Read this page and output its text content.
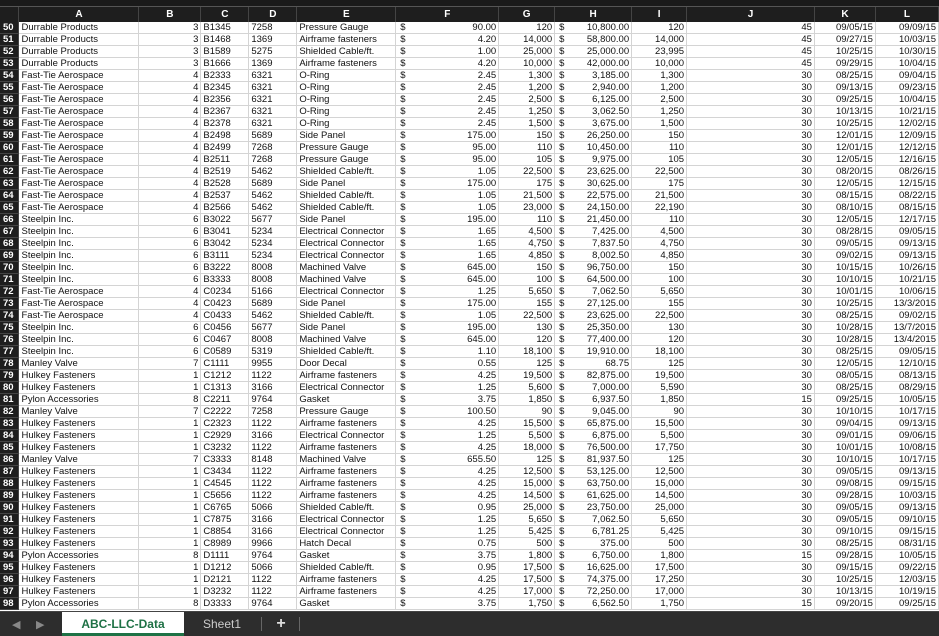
	A	B	C	D	E	F	G	H	I	J	K	L
50	Durrable Products	3	B1345	7258	Pressure Gauge	$ 90.00	120	$ 10,800.00	120	45	09/05/15	09/09/15
51	Durrable Products	3	B1468	1369	Airframe fasteners	$ 4.20	14,000	$ 58,800.00	14,000	45	09/27/15	10/03/15
52	Durrable Products	3	B1589	5275	Shielded Cable/ft.	$ 1.00	25,000	$ 25,000.00	23,995	45	10/25/15	10/30/15
53	Durrable Products	3	B1666	1369	Airframe fasteners	$ 4.20	10,000	$ 42,000.00	10,000	45	09/29/15	10/04/15
54	Fast-Tie Aerospace	4	B2333	6321	O-Ring	$ 2.45	1,300	$ 3,185.00	1,300	30	08/25/15	09/04/15
55	Fast-Tie Aerospace	4	B2345	6321	O-Ring	$ 2.45	1,200	$ 2,940.00	1,200	30	09/13/15	09/23/15
56	Fast-Tie Aerospace	4	B2356	6321	O-Ring	$ 2.45	2,500	$ 6,125.00	2,500	30	09/25/15	10/04/15
57	Fast-Tie Aerospace	4	B2367	6321	O-Ring	$ 2.45	1,250	$ 3,062.50	1,250	30	10/13/15	10/21/15
58	Fast-Tie Aerospace	4	B2378	6321	O-Ring	$ 2.45	1,500	$ 3,675.00	1,500	30	10/25/15	12/02/15
59	Fast-Tie Aerospace	4	B2498	5689	Side Panel	$ 175.00	150	$ 26,250.00	150	30	12/01/15	12/09/15
60	Fast-Tie Aerospace	4	B2499	7268	Pressure Gauge	$ 95.00	110	$ 10,450.00	110	30	12/01/15	12/12/15
61	Fast-Tie Aerospace	4	B2511	7268	Pressure Gauge	$ 95.00	105	$ 9,975.00	105	30	12/05/15	12/16/15
62	Fast-Tie Aerospace	4	B2519	5462	Shielded Cable/ft.	$ 1.05	22,500	$ 23,625.00	22,500	30	08/20/15	08/26/15
63	Fast-Tie Aerospace	4	B2528	5689	Side Panel	$ 175.00	175	$ 30,625.00	175	30	12/05/15	12/15/15
64	Fast-Tie Aerospace	4	B2537	5462	Shielded Cable/ft.	$ 1.05	21,500	$ 22,575.00	21,500	30	08/15/15	08/22/15
65	Fast-Tie Aerospace	4	B2566	5462	Shielded Cable/ft.	$ 1.05	23,000	$ 24,150.00	22,190	30	08/10/15	08/15/15
66	Steelpin Inc.	6	B3022	5677	Side Panel	$ 195.00	110	$ 21,450.00	110	30	12/05/15	12/17/15
67	Steelpin Inc.	6	B3041	5234	Electrical Connector	$ 1.65	4,500	$ 7,425.00	4,500	30	08/28/15	09/05/15
68	Steelpin Inc.	6	B3042	5234	Electrical Connector	$ 1.65	4,750	$ 7,837.50	4,750	30	09/05/15	09/13/15
69	Steelpin Inc.	6	B3111	5234	Electrical Connector	$ 1.65	4,850	$ 8,002.50	4,850	30	09/02/15	09/13/15
70	Steelpin Inc.	6	B3222	8008	Machined Valve	$ 645.00	150	$ 96,750.00	150	30	10/15/15	10/26/15
71	Steelpin Inc.	6	B3333	8008	Machined Valve	$ 645.00	100	$ 64,500.00	100	30	10/10/15	10/21/15
72	Fast-Tie Aerospace	4	C0234	5166	Electrical Connector	$ 1.25	5,650	$ 7,062.50	5,650	30	10/01/15	10/06/15
73	Fast-Tie Aerospace	4	C0423	5689	Side Panel	$ 175.00	155	$ 27,125.00	155	30	10/25/15	13/3/2015
74	Fast-Tie Aerospace	4	C0433	5462	Shielded Cable/ft.	$ 1.05	22,500	$ 23,625.00	22,500	30	08/25/15	09/02/15
75	Steelpin Inc.	6	C0456	5677	Side Panel	$ 195.00	130	$ 25,350.00	130	30	10/28/15	13/7/2015
76	Steelpin Inc.	6	C0467	8008	Machined Valve	$ 645.00	120	$ 77,400.00	120	30	10/28/15	13/4/2015
77	Steelpin Inc.	6	C0589	5319	Shielded Cable/ft.	$ 1.10	18,100	$ 19,910.00	18,100	30	08/25/15	09/05/15
78	Manley Valve	7	C1111	9955	Door Decal	$ 0.55	125	$ 68.75	125	30	12/05/15	12/10/15
79	Hulkey Fasteners	1	C1212	1122	Airframe fasteners	$ 4.25	19,500	$ 82,875.00	19,500	30	08/05/15	08/13/15
80	Hulkey Fasteners	1	C1313	3166	Electrical Connector	$ 1.25	5,600	$ 7,000.00	5,590	30	08/25/15	08/29/15
81	Pylon Accessories	8	C2211	9764	Gasket	$ 3.75	1,850	$ 6,937.50	1,850	15	09/25/15	10/05/15
82	Manley Valve	7	C2222	7258	Pressure Gauge	$ 100.50	90	$ 9,045.00	90	30	10/10/15	10/17/15
83	Hulkey Fasteners	1	C2323	1122	Airframe fasteners	$ 4.25	15,500	$ 65,875.00	15,500	30	09/04/15	09/13/15
84	Hulkey Fasteners	1	C2929	3166	Electrical Connector	$ 1.25	5,500	$ 6,875.00	5,500	30	09/01/15	09/06/15
85	Hulkey Fasteners	1	C3232	1122	Airframe fasteners	$ 4.25	18,000	$ 76,500.00	17,750	30	10/01/15	10/08/15
86	Manley Valve	7	C3333	8148	Machined Valve	$ 655.50	125	$ 81,937.50	125	30	10/10/15	10/17/15
87	Hulkey Fasteners	1	C3434	1122	Airframe fasteners	$ 4.25	12,500	$ 53,125.00	12,500	30	09/05/15	09/13/15
88	Hulkey Fasteners	1	C4545	1122	Airframe fasteners	$ 4.25	15,000	$ 63,750.00	15,000	30	09/08/15	09/15/15
89	Hulkey Fasteners	1	C5656	1122	Airframe fasteners	$ 4.25	14,500	$ 61,625.00	14,500	30	09/28/15	10/03/15
90	Hulkey Fasteners	1	C6765	5066	Shielded Cable/ft.	$ 0.95	25,000	$ 23,750.00	25,000	30	09/05/15	09/13/15
91	Hulkey Fasteners	1	C7875	3166	Electrical Connector	$ 1.25	5,650	$ 7,062.50	5,650	30	09/05/15	09/10/15
92	Hulkey Fasteners	1	C8854	3166	Electrical Connector	$ 1.25	5,425	$ 6,781.25	5,425	30	09/10/15	09/15/15
93	Hulkey Fasteners	1	C8989	9966	Hatch Decal	$ 0.75	500	$ 375.00	500	30	08/25/15	08/31/15
94	Pylon Accessories	8	D1111	9764	Gasket	$ 3.75	1,800	$ 6,750.00	1,800	15	09/28/15	10/05/15
95	Hulkey Fasteners	1	D1212	5066	Shielded Cable/ft.	$ 0.95	17,500	$ 16,625.00	17,500	30	09/15/15	09/22/15
96	Hulkey Fasteners	1	D2121	1122	Airframe fasteners	$ 4.25	17,500	$ 74,375.00	17,250	30	10/25/15	12/03/15
97	Hulkey Fasteners	1	D3232	1122	Airframe fasteners	$ 4.25	17,000	$ 72,250.00	17,000	30	10/13/15	10/19/15
98	Pylon Accessories	8	D3333	9764	Gasket	$ 3.75	1,750	$ 6,562.50	1,750	15	09/20/15	09/25/15
◀ ▶	ABC-LLC-Data	Sheet1	+
